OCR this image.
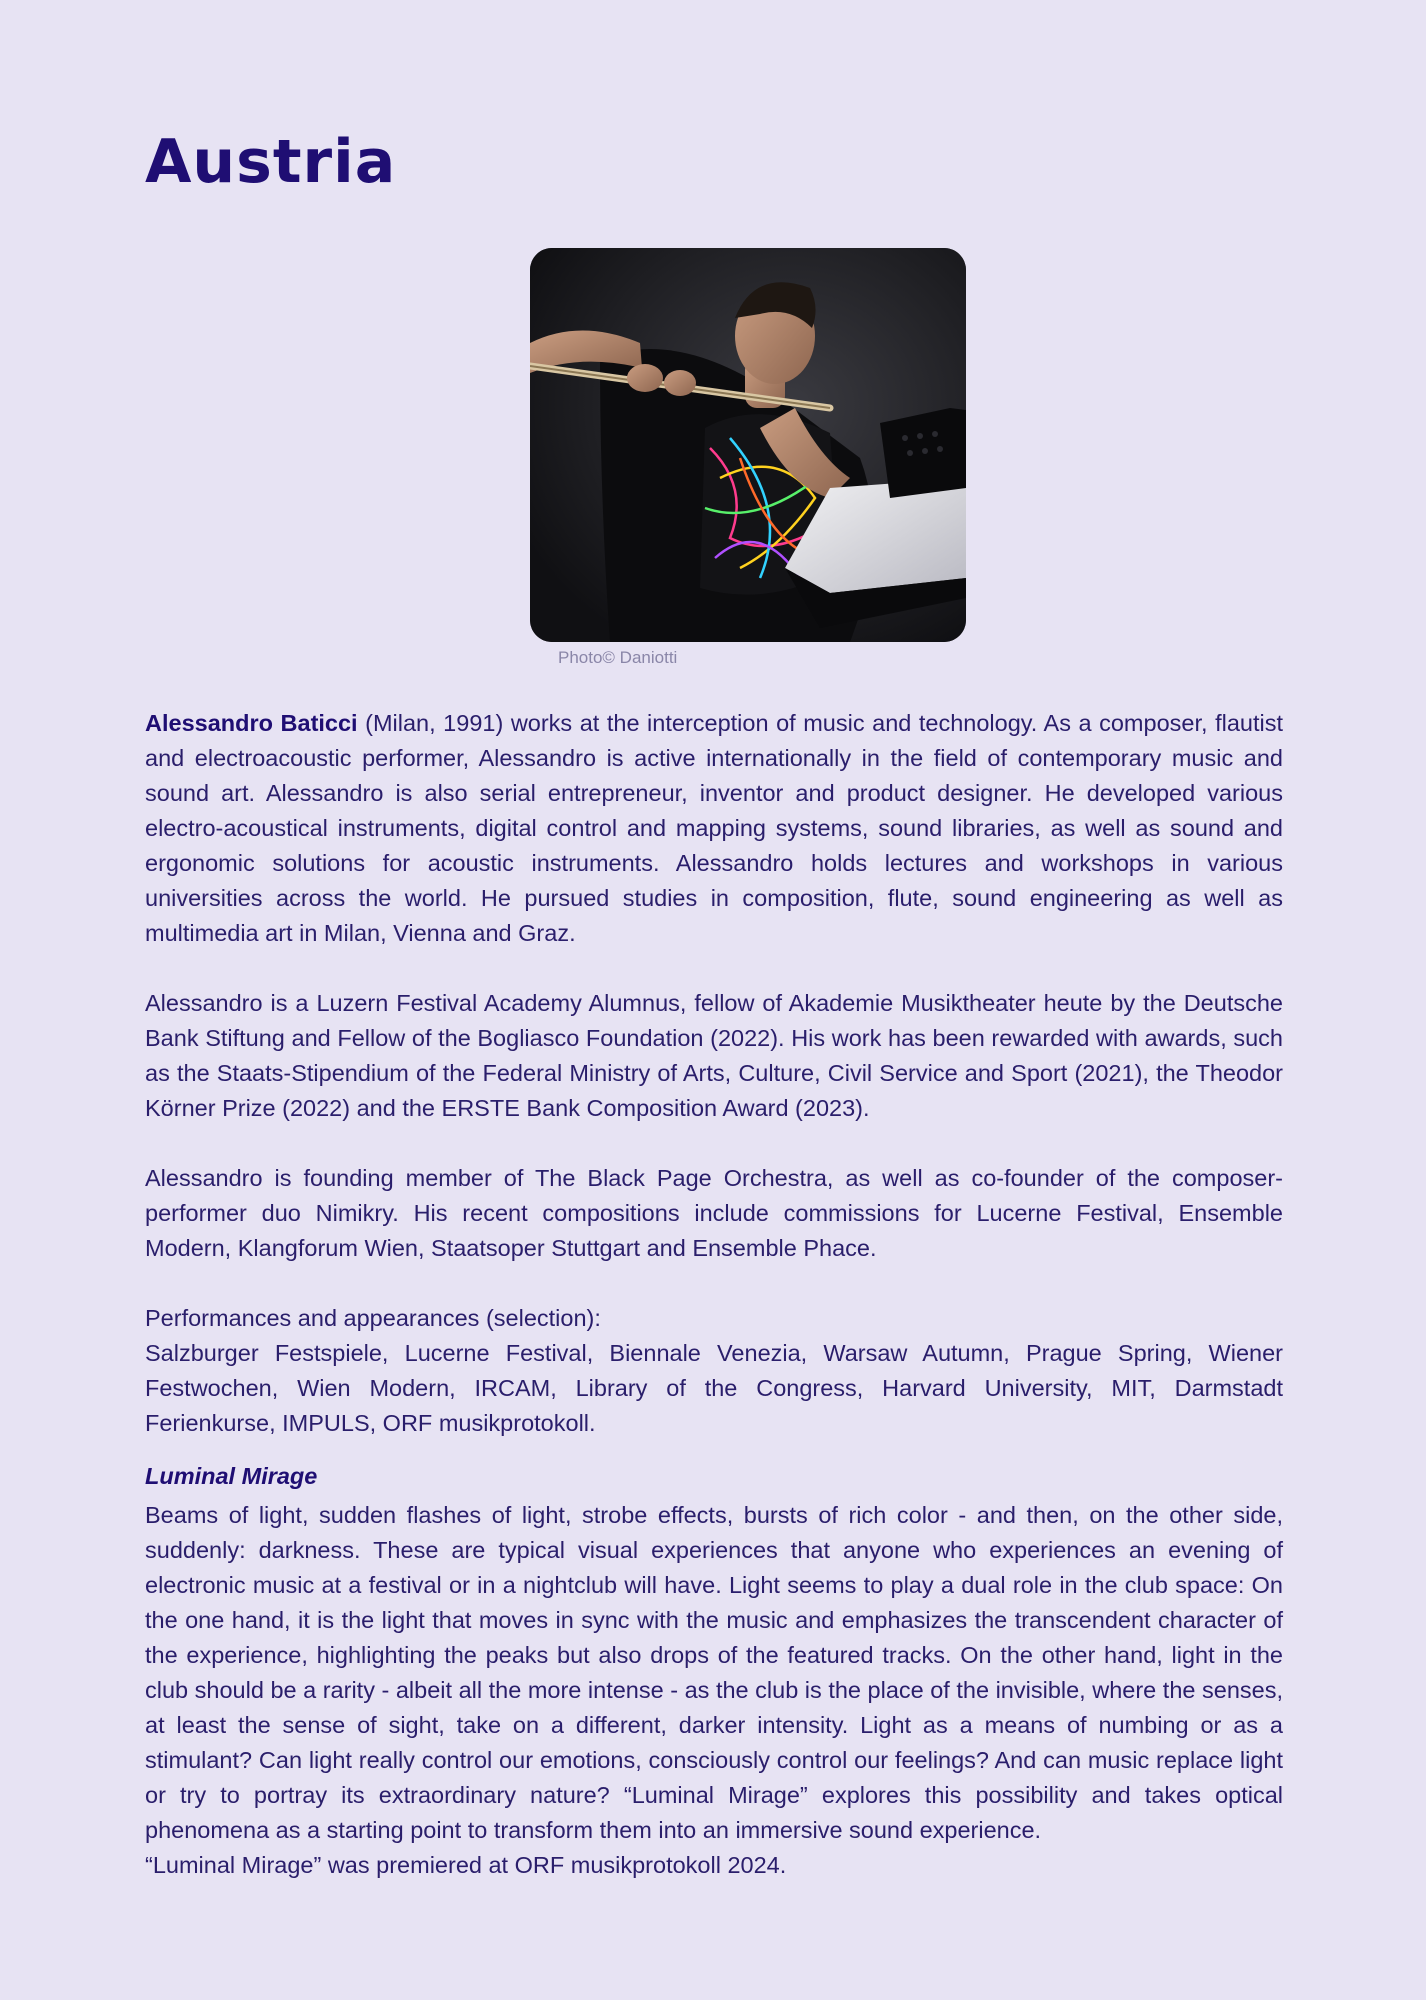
Austria
Photo© Daniotti

Alessandro Baticci (Milan, 1991) works at the interception of music and technology. As a composer, flautist and electroacoustic performer, Alessandro is active internationally in the field of contemporary music and sound art. Alessandro is also serial entrepreneur, inventor and product designer. He developed various electro-acoustical instruments, digital control and mapping systems, sound libraries, as well as sound and ergonomic solutions for acoustic instruments. Alessandro holds lectures and workshops in various universities across the world. He pursued studies in composition, flute, sound engineering as well as multimedia art in Milan, Vienna and Graz.

Alessandro is a Luzern Festival Academy Alumnus, fellow of Akademie Musiktheater heute by the Deutsche Bank Stiftung and Fellow of the Bogliasco Foundation (2022). His work has been rewarded with awards, such as the Staats-Stipendium of the Federal Ministry of Arts, Culture, Civil Service and Sport (2021), the Theodor Körner Prize (2022) and the ERSTE Bank Composition Award (2023).

Alessandro is founding member of The Black Page Orchestra, as well as co-founder of the composer-performer duo Nimikry. His recent compositions include commissions for Lucerne Festival, Ensemble Modern, Klangforum Wien, Staatsoper Stuttgart and Ensemble Phace.

Performances and appearances (selection):
Salzburger Festspiele, Lucerne Festival, Biennale Venezia, Warsaw Autumn, Prague Spring, Wiener Festwochen, Wien Modern, IRCAM, Library of the Congress, Harvard University, MIT, Darmstadt Ferienkurse, IMPULS, ORF musikprotokoll.

Luminal Mirage
Beams of light, sudden flashes of light, strobe effects, bursts of rich color - and then, on the other side, suddenly: darkness. These are typical visual experiences that anyone who experiences an evening of electronic music at a festival or in a nightclub will have. Light seems to play a dual role in the club space: On the one hand, it is the light that moves in sync with the music and emphasizes the transcendent character of the experience, highlighting the peaks but also drops of the featured tracks. On the other hand, light in the club should be a rarity - albeit all the more intense - as the club is the place of the invisible, where the senses, at least the sense of sight, take on a different, darker intensity. Light as a means of numbing or as a stimulant? Can light really control our emotions, consciously control our feelings? And can music replace light or try to portray its extraordinary nature? “Luminal Mirage” explores this possibility and takes optical phenomena as a starting point to transform them into an immersive sound experience.
“Luminal Mirage” was premiered at ORF musikprotokoll 2024.
